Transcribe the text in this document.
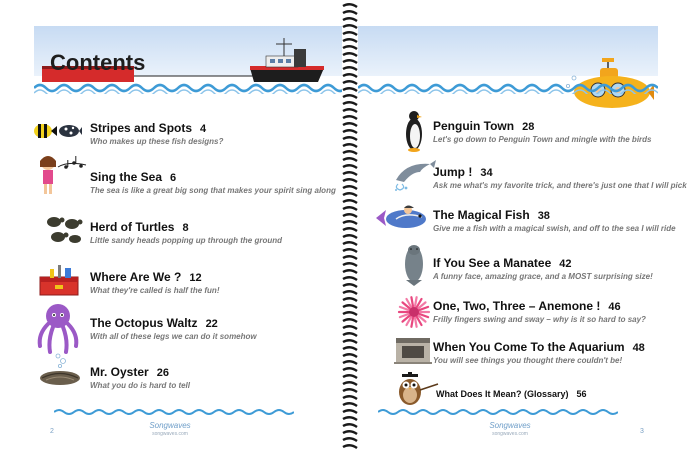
Contents
Stripes and Spots 4
Who makes up these fish designs?
Sing the Sea 6
The sea is like a great big song that makes your spirit sing along
Herd of Turtles 8
Little sandy heads popping up through the ground
Where Are We ? 12
What they're called is half the fun!
The Octopus Waltz 22
With all of these legs we can do it somehow
Mr. Oyster 26
What you do is hard to tell
2
Songwaves
songwaves.com
Penguin Town 28
Let's go down to Penguin Town and mingle with the birds
Jump ! 34
Ask me what's my favorite trick, and there's just one that I will pick
The Magical Fish 38
Give me a fish with a magical swish, and off to the sea I will ride
If You See a Manatee 42
A funny face, amazing grace, and a MOST surprising size!
One, Two, Three – Anemone ! 46
Frilly fingers swing and sway – why is it so hard to say?
When You Come To the Aquarium 48
You will see things you thought there couldn't be!
What Does It Mean? (Glossary) 56
Songwaves
songwaves.com	3
